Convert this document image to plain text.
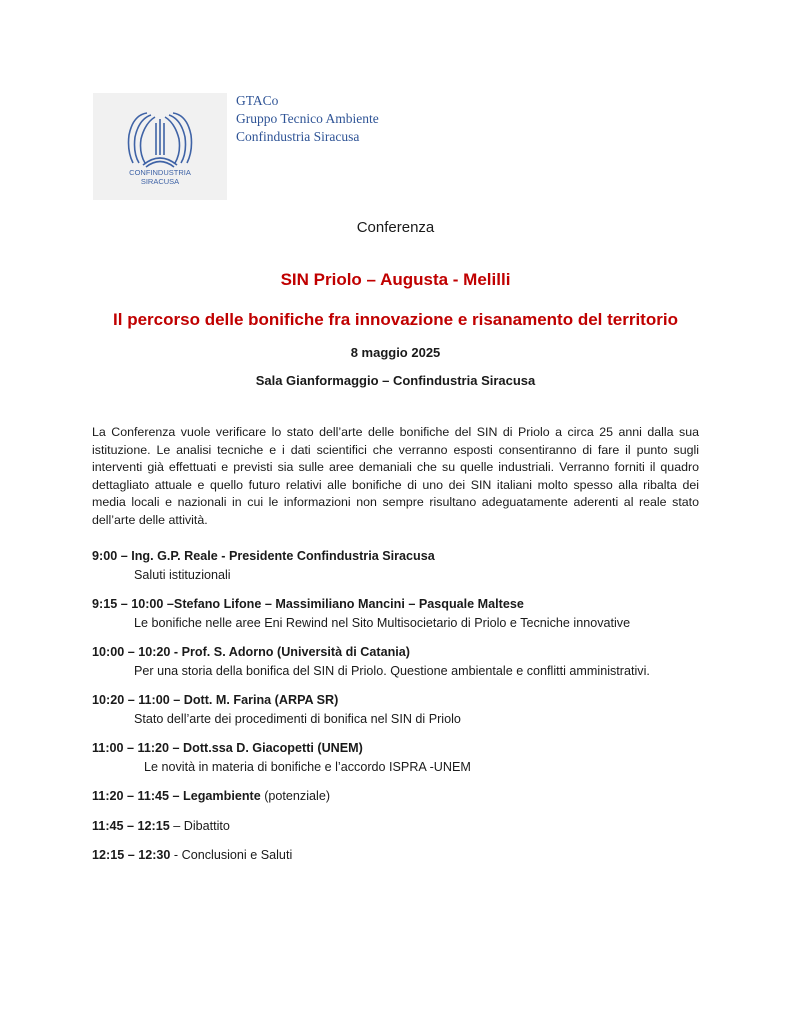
CONFINDUSTRIA
SIRACUSA
GTACo
Gruppo Tecnico Ambiente
Confindustria Siracusa
Conferenza
SIN Priolo – Augusta - Melilli
Il percorso delle bonifiche fra innovazione e risanamento del territorio
8 maggio 2025
Sala Gianformaggio – Confindustria Siracusa
La Conferenza vuole verificare lo stato dell’arte delle bonifiche del SIN di Priolo a circa 25 anni dalla sua istituzione. Le analisi tecniche e i dati scientifici che verranno esposti consentiranno di fare il punto sugli interventi già effettuati e previsti sia sulle aree demaniali che su quelle industriali. Verranno forniti il quadro dettagliato attuale e quello futuro relativi alle bonifiche di uno dei SIN italiani molto spesso alla ribalta dei media locali e nazionali in cui le informazioni non sempre risultano adeguatamente aderenti al reale stato dell’arte delle attività.
9:00 – Ing. G.P. Reale - Presidente Confindustria Siracusa
Saluti istituzionali
9:15 – 10:00 –Stefano Lifone – Massimiliano Mancini – Pasquale Maltese
Le bonifiche nelle aree Eni Rewind nel Sito Multisocietario di Priolo e Tecniche innovative
10:00 – 10:20 - Prof. S. Adorno (Università di Catania)
Per una storia della bonifica del SIN di Priolo. Questione ambientale e conflitti amministrativi.
10:20 – 11:00 – Dott. M. Farina (ARPA SR)
Stato dell’arte dei procedimenti di bonifica nel SIN di Priolo
11:00 – 11:20 – Dott.ssa D. Giacopetti (UNEM)
Le novità in materia di bonifiche e l’accordo ISPRA -UNEM
11:20 – 11:45 – Legambiente (potenziale)
11:45 – 12:15 – Dibattito
12:15 – 12:30 - Conclusioni e Saluti
